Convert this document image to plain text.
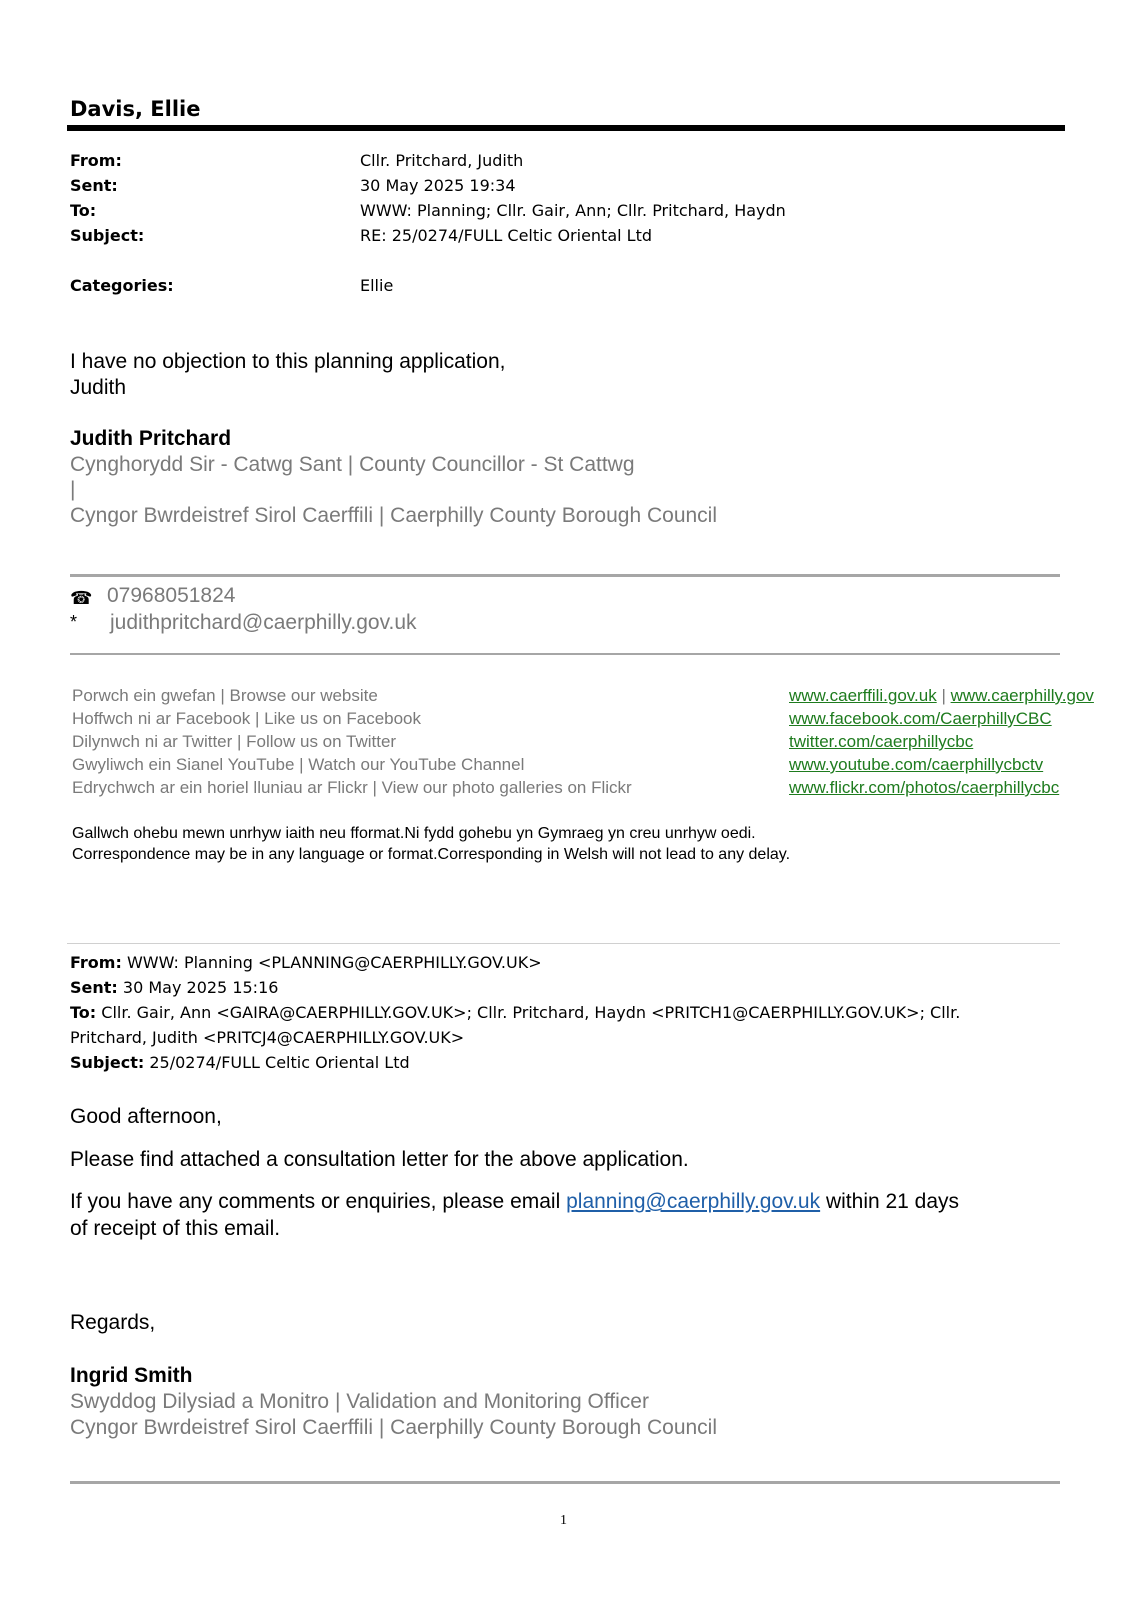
Davis, Ellie
From:	Cllr. Pritchard, Judith
Sent:	30 May 2025 19:34
To:	WWW: Planning; Cllr. Gair, Ann; Cllr. Pritchard, Haydn
Subject:	RE: 25/0274/FULL Celtic Oriental Ltd
Categories:	Ellie
I have no objection to this planning application,
Judith
Judith Pritchard
Cynghorydd Sir - Catwg Sant | County Councillor - St Cattwg
|
Cyngor Bwrdeistref Sirol Caerffili | Caerphilly County Borough Council
☎ 07968051824
* judithpritchard@caerphilly.gov.uk
Porwch ein gwefan | Browse our website	www.caerffili.gov.uk | www.caerphilly.gov
Hoffwch ni ar Facebook | Like us on Facebook	www.facebook.com/CaerphillyCBC
Dilynwch ni ar Twitter | Follow us on Twitter	twitter.com/caerphillycbc
Gwyliwch ein Sianel YouTube | Watch our YouTube Channel	www.youtube.com/caerphillycbctv
Edrychwch ar ein horiel lluniau ar Flickr | View our photo galleries on Flickr	www.flickr.com/photos/caerphillycbc
Gallwch ohebu mewn unrhyw iaith neu fformat.Ni fydd gohebu yn Gymraeg yn creu unrhyw oedi.
Correspondence may be in any language or format.Corresponding in Welsh will not lead to any delay.
From: WWW: Planning <PLANNING@CAERPHILLY.GOV.UK>
Sent: 30 May 2025 15:16
To: Cllr. Gair, Ann <GAIRA@CAERPHILLY.GOV.UK>; Cllr. Pritchard, Haydn <PRITCH1@CAERPHILLY.GOV.UK>; Cllr.
Pritchard, Judith <PRITCJ4@CAERPHILLY.GOV.UK>
Subject: 25/0274/FULL Celtic Oriental Ltd
Good afternoon,
Please find attached a consultation letter for the above application.
If you have any comments or enquiries, please email planning@caerphilly.gov.uk within 21 days
of receipt of this email.
Regards,
Ingrid Smith
Swyddog Dilysiad a Monitro | Validation and Monitoring Officer
Cyngor Bwrdeistref Sirol Caerffili | Caerphilly County Borough Council
1
